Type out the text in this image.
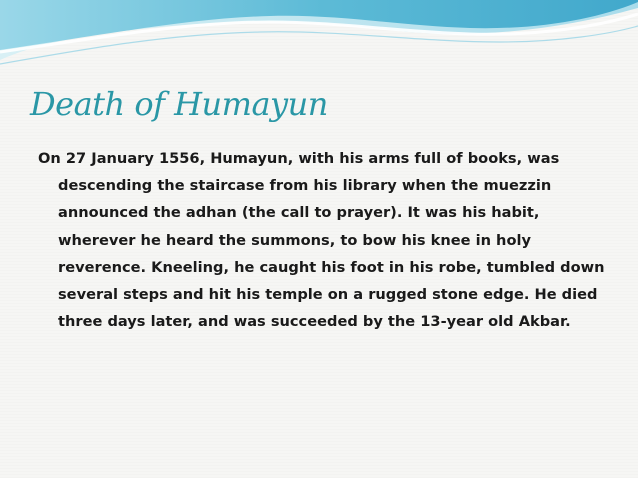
Death of Humayun

On 27 January 1556, Humayun, with his arms full of books, was descending the staircase from his library when the muezzin announced the adhan (the call to prayer). It was his habit, wherever he heard the summons, to bow his knee in holy reverence. Kneeling, he caught his foot in his robe, tumbled down several steps and hit his temple on a rugged stone edge. He died three days later, and was succeeded by the 13-year old Akbar.
